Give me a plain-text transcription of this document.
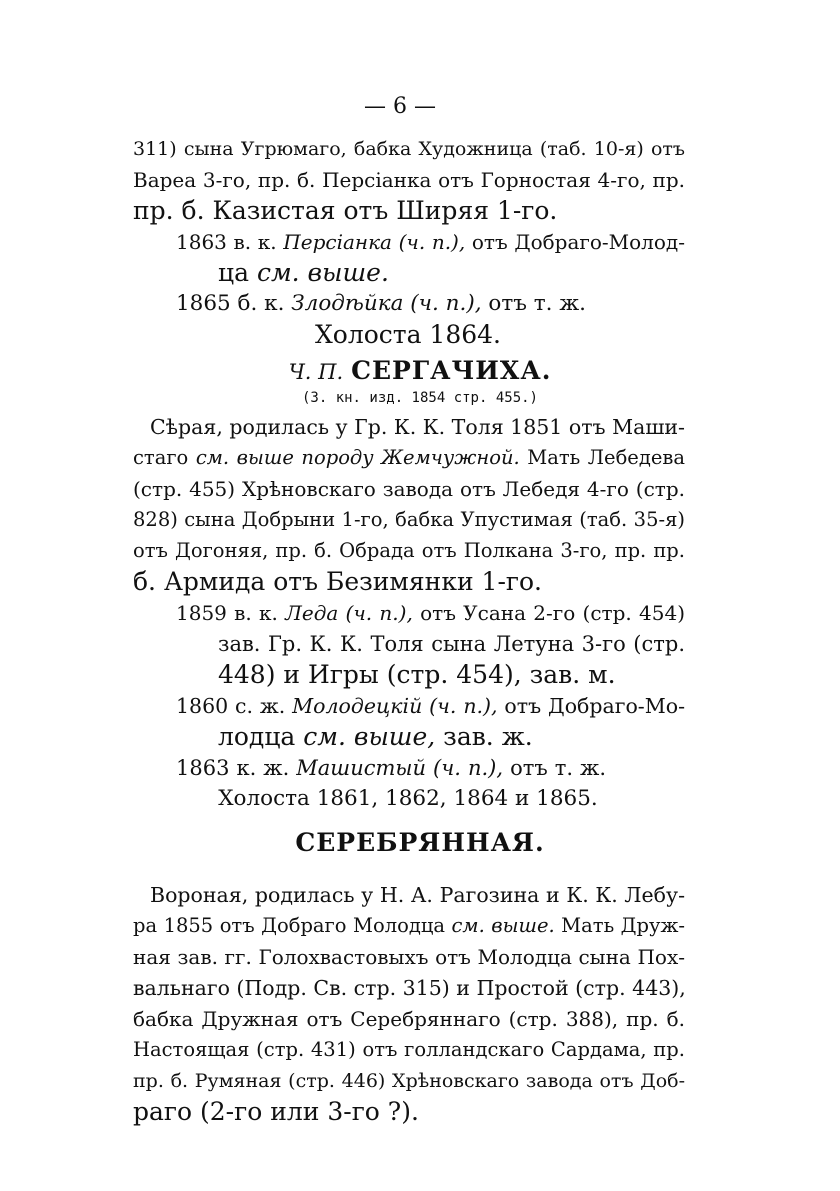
— 6 —
311) сына Угрюмаго, бабка Художница (таб. 10-я) отъ
Вареа 3-го, пр. б. Персіанка отъ Горностая 4-го, пр.
пр. б. Казистая отъ Ширяя 1-го.
1863 в. к. Персіанка (ч. п.), отъ Добраго-Молод-
ца см. выше.
1865 б. к. Злодѣйка (ч. п.), отъ т. ж.
Холоста 1864.
Ч. П. СЕРГАЧИХА.
(3. кн. изд. 1854 стр. 455.)
Сѣрая, родилась у Гр. К. К. Толя 1851 отъ Маши-
стаго см. выше породу Жемчужной. Мать Лебедева
(стр. 455) Хрѣновскаго завода отъ Лебедя 4-го (стр.
828) сына Добрыни 1-го, бабка Упустимая (таб. 35-я)
отъ Догоняя, пр. б. Обрада отъ Полкана 3-го, пр. пр.
б. Армида отъ Безимянки 1-го.
1859 в. к. Леда (ч. п.), отъ Усана 2-го (стр. 454)
зав. Гр. К. К. Толя сына Летуна 3-го (стр.
448) и Игры (стр. 454), зав. м.
1860 с. ж. Молодецкій (ч. п.), отъ Добраго-Мо-
лодца см. выше, зав. ж.
1863 к. ж. Машистый (ч. п.), отъ т. ж.
Холоста 1861, 1862, 1864 и 1865.
СЕРЕБРЯННАЯ.
Вороная, родилась у Н. А. Рагозина и К. К. Лебу-
ра 1855 отъ Добраго Молодца см. выше. Мать Друж-
ная зав. гг. Голохвастовыхъ отъ Молодца сына Пох-
вальнаго (Подр. Св. стр. 315) и Простой (стр. 443),
бабка Дружная отъ Серебряннаго (стр. 388), пр. б.
Настоящая (стр. 431) отъ голландскаго Сардама, пр.
пр. б. Румяная (стр. 446) Хрѣновскаго завода отъ Доб-
раго (2-го или 3-го ?).
